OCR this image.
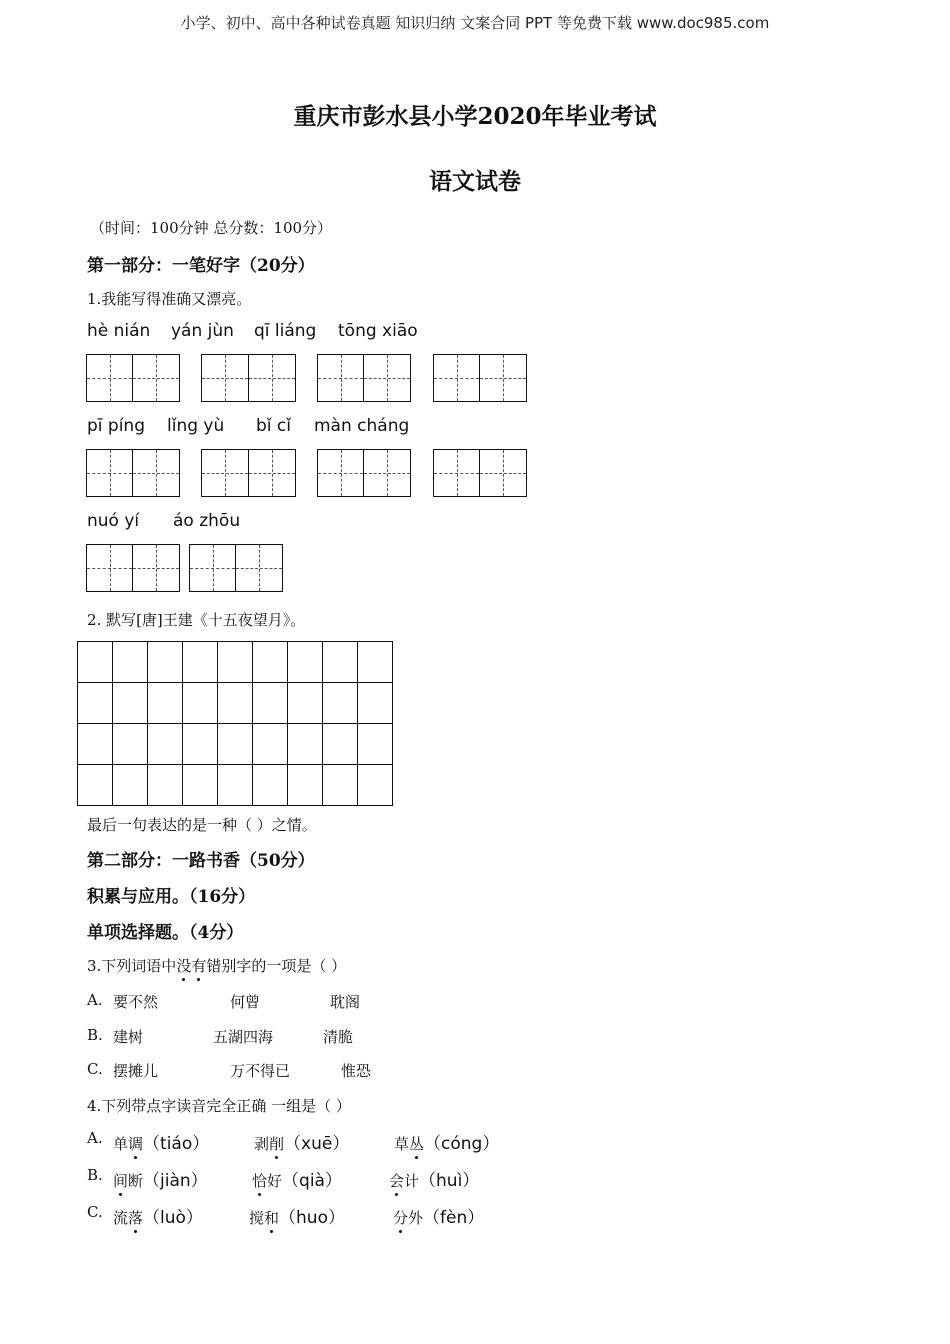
小学、初中、高中各种试卷真题 知识归纳 文案合同 PPT 等免费下载 www.doc985.com
重庆市彭水县小学2020年毕业考试
语文试卷
（时间：100分钟 总分数：100分）
第一部分：一笔好字（20分）
1.我能写得准确又漂亮。
hè nián yán jùn qī liáng tōng xiāo
pī píng lǐng yù bǐ cǐ màn cháng
nuó yí áo zhōu
2. 默写[唐]王建《十五夜望月》。

最后一句表达的是一种（ ）之情。
第二部分：一路书香（50分）
积累与应用。（16分）
单项选择题。（4分）
3.下列词语中没有错别字的一项是（ ）
A. 要不然	何曾	耽阁
B. 建树	五湖四海	清脆
C. 摆摊儿	万不得已	惟恐
4.下列带点字读音完全正确 一组是（ ）
A. 单调（tiáo）	剥削（xuē）	草丛（cóng）
B. 间断（jiàn）	恰好（qià）	会计（huì）
C. 流落（luò）	搅和（huo）	分外（fèn）
